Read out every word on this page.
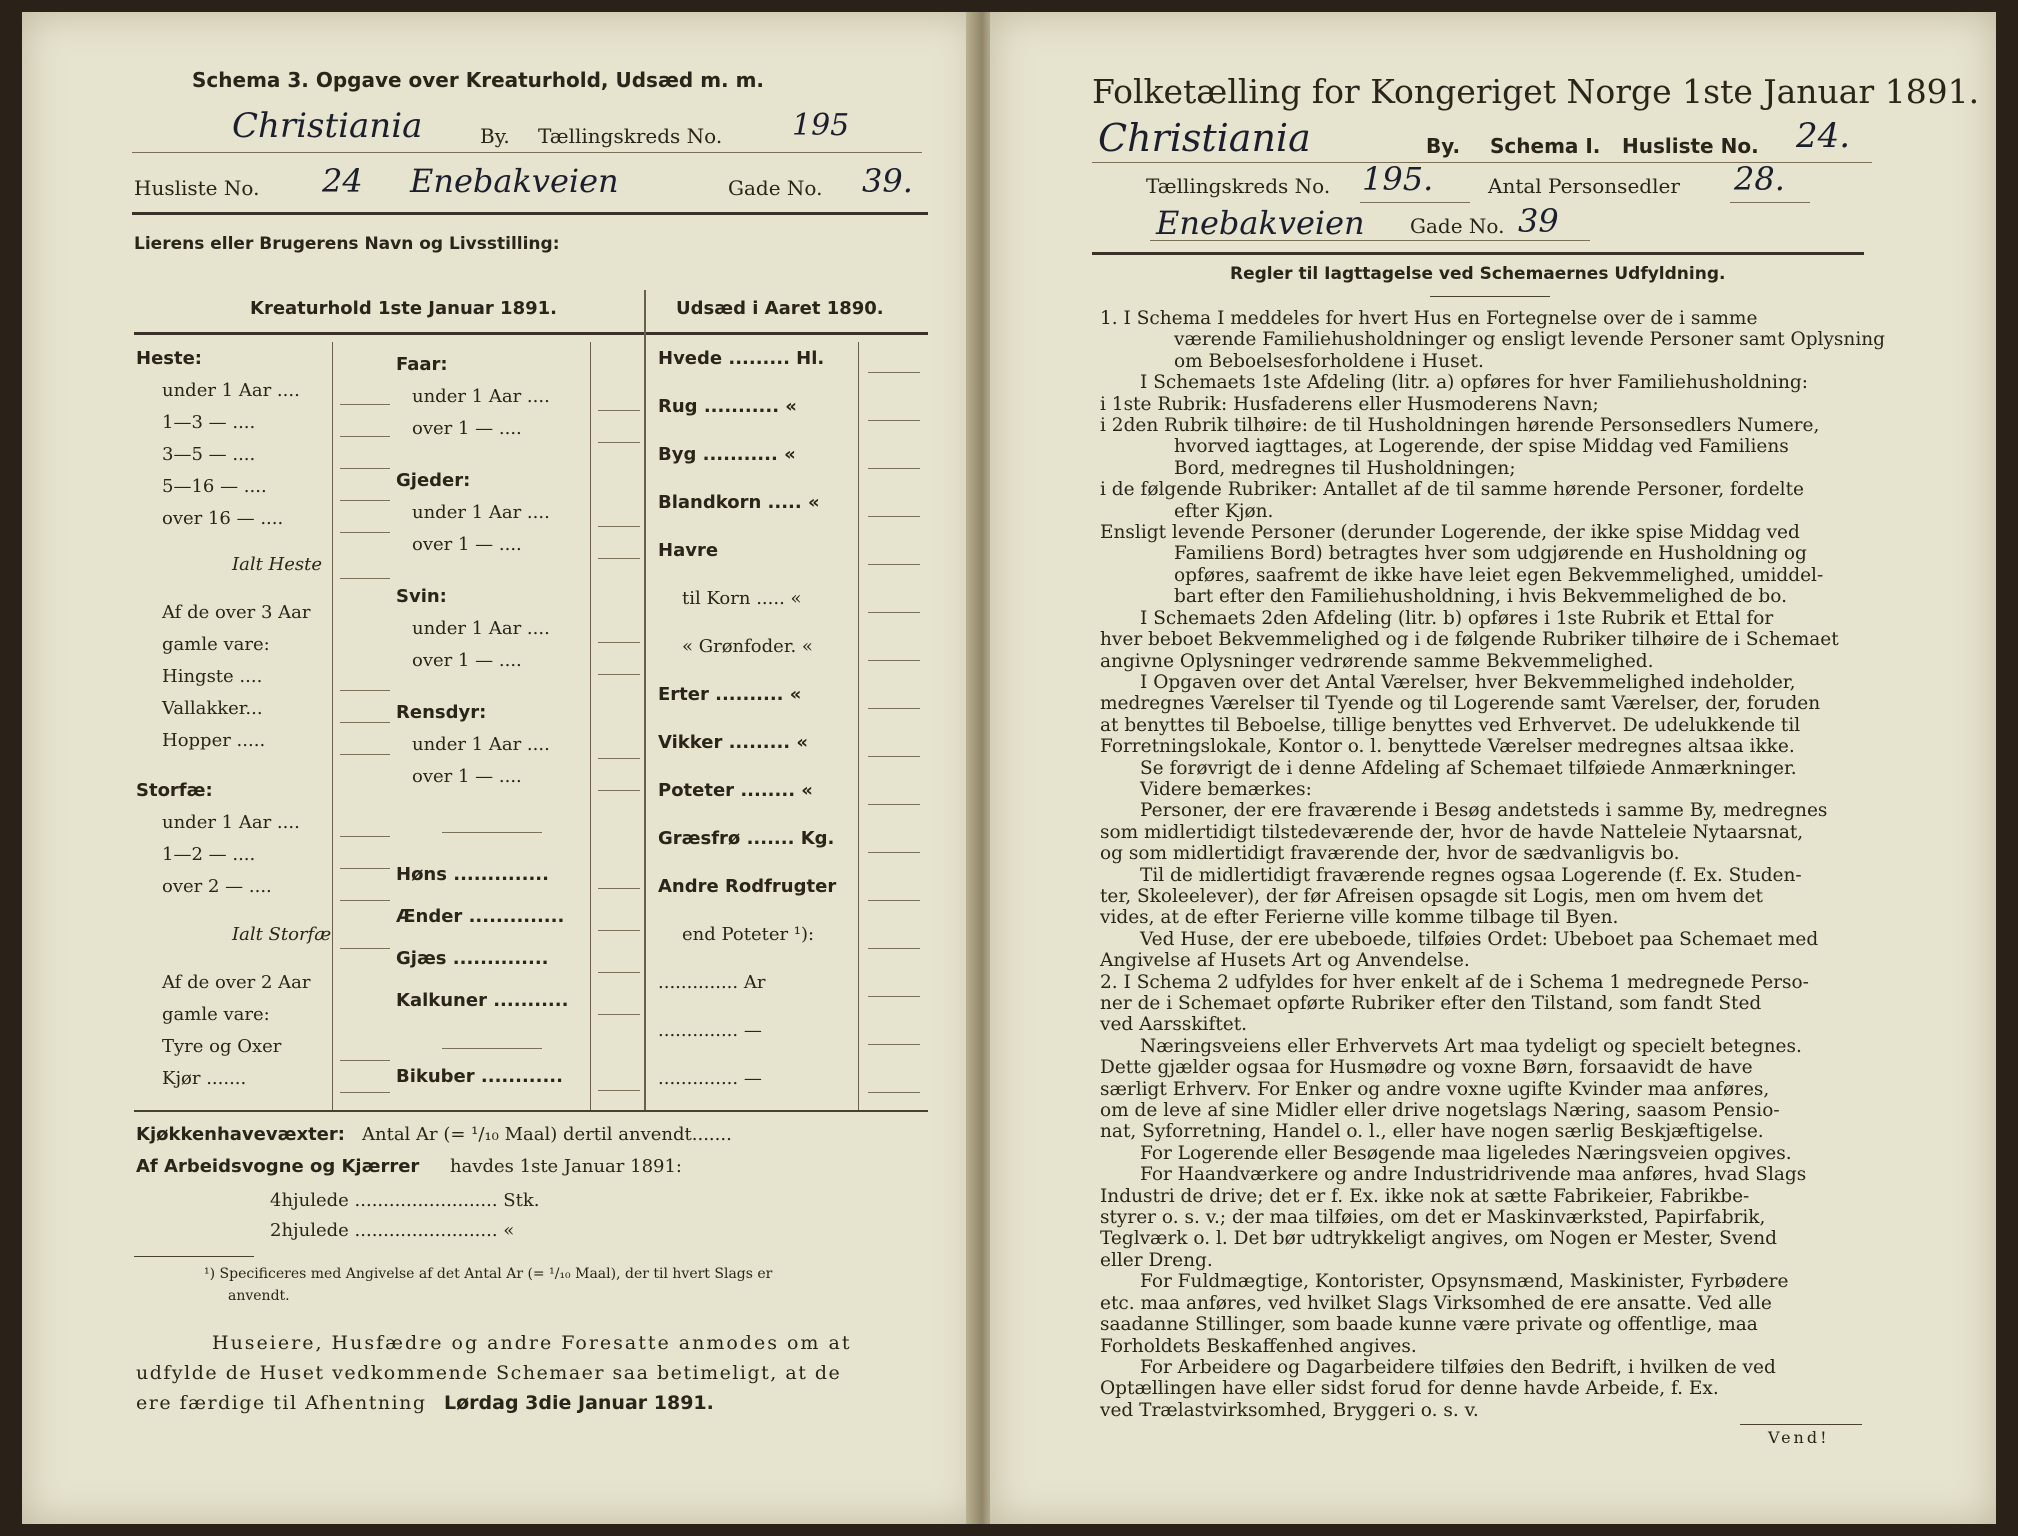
Schema 3. Opgave over Kreaturhold, Udsæd m. m.
Christiania	By. Tællingskreds No. 195
Husliste No. 24 Enebakveien	Gade No. 39.
Lierens eller Brugerens Navn og Livsstilling:
Kreaturhold 1ste Januar 1891.	Udsæd i Aaret 1890.
Heste:
under 1 Aar ....
1—3 — ....
3—5 — ....
5—16 — ....
over 16 — ....
Ialt Heste
Af de over 3 Aar
gamle vare:
Hingste ....
Vallakker...
Hopper .....
Storfæ:
under 1 Aar ....
1—2 — ....
over 2 — ....
Ialt Storfæ
Af de over 2 Aar
gamle vare:
Tyre og Oxer
Kjør .......
Faar:
under 1 Aar ....
over 1 — ....
Gjeder:
under 1 Aar ....
over 1 — ....
Svin:
under 1 Aar ....
over 1 — ....
Rensdyr:
under 1 Aar ....
over 1 — ....
Høns ..............
Ænder ..............
Gjæs ..............
Kalkuner ...........
Bikuber ............
Hvede ......... Hl.
Rug ........... «
Byg ........... «
Blandkorn ..... «
Havre
til Korn ..... «
« Grønfoder. «
Erter .......... «
Vikker ......... «
Poteter ........ «
Græsfrø ....... Kg.
Andre Rodfrugter
end Poteter ¹):
.............. Ar
.............. —
.............. —
Kjøkkenhavevæxter: Antal Ar (= ¹/₁₀ Maal) dertil anvendt.......
Af Arbeidsvogne og Kjærrer havdes 1ste Januar 1891:
4hjulede ......................... Stk.
2hjulede ......................... «
¹) Specificeres med Angivelse af det Antal Ar (= ¹/₁₀ Maal), der til hvert Slags er
anvendt.
Huseiere, Husfædre og andre Foresatte anmodes om at
udfylde de Huset vedkommende Schemaer saa betimeligt, at de
ere færdige til Afhentning Lørdag 3die Januar 1891.
Folketælling for Kongeriget Norge 1ste Januar 1891.
Christiania	By. Schema I. Husliste No. 24.
Tællingskreds No. 195.	Antal Personsedler 28.
Enebakveien Gade No. 39
Regler til Iagttagelse ved Schemaernes Udfyldning.
1. I Schema I meddeles for hvert Hus en Fortegnelse over de i samme
værende Familiehusholdninger og ensligt levende Personer samt Oplysning
om Beboelsesforholdene i Huset.
I Schemaets 1ste Afdeling (litr. a) opføres for hver Familiehusholdning:
i 1ste Rubrik: Husfaderens eller Husmoderens Navn;
i 2den Rubrik tilhøire: de til Husholdningen hørende Personsedlers Numere,
hvorved iagttages, at Logerende, der spise Middag ved Familiens
Bord, medregnes til Husholdningen;
i de følgende Rubriker: Antallet af de til samme hørende Personer, fordelte
efter Kjøn.
Ensligt levende Personer (derunder Logerende, der ikke spise Middag ved
Familiens Bord) betragtes hver som udgjørende en Husholdning og
opføres, saafremt de ikke have leiet egen Bekvemmelighed, umiddel-
bart efter den Familiehusholdning, i hvis Bekvemmelighed de bo.
I Schemaets 2den Afdeling (litr. b) opføres i 1ste Rubrik et Ettal for
hver beboet Bekvemmelighed og i de følgende Rubriker tilhøire de i Schemaet
angivne Oplysninger vedrørende samme Bekvemmelighed.
I Opgaven over det Antal Værelser, hver Bekvemmelighed indeholder,
medregnes Værelser til Tyende og til Logerende samt Værelser, der, foruden
at benyttes til Beboelse, tillige benyttes ved Erhvervet. De udelukkende til
Forretningslokale, Kontor o. l. benyttede Værelser medregnes altsaa ikke.
Se forøvrigt de i denne Afdeling af Schemaet tilføiede Anmærkninger.
Videre bemærkes:
Personer, der ere fraværende i Besøg andetsteds i samme By, medregnes
som midlertidigt tilstedeværende der, hvor de havde Natteleie Nytaarsnat,
og som midlertidigt fraværende der, hvor de sædvanligvis bo.
Til de midlertidigt fraværende regnes ogsaa Logerende (f. Ex. Studen-
ter, Skoleelever), der før Afreisen opsagde sit Logis, men om hvem det
vides, at de efter Ferierne ville komme tilbage til Byen.
Ved Huse, der ere ubeboede, tilføies Ordet: Ubeboet paa Schemaet med
Angivelse af Husets Art og Anvendelse.
2. I Schema 2 udfyldes for hver enkelt af de i Schema 1 medregnede Perso-
ner de i Schemaet opførte Rubriker efter den Tilstand, som fandt Sted
ved Aarsskiftet.
Næringsveiens eller Erhvervets Art maa tydeligt og specielt betegnes.
Dette gjælder ogsaa for Husmødre og voxne Børn, forsaavidt de have
særligt Erhverv. For Enker og andre voxne ugifte Kvinder maa anføres,
om de leve af sine Midler eller drive nogetslags Næring, saasom Pensio-
nat, Syforretning, Handel o. l., eller have nogen særlig Beskjæftigelse.
For Logerende eller Besøgende maa ligeledes Næringsveien opgives.
For Haandværkere og andre Industridrivende maa anføres, hvad Slags
Industri de drive; det er f. Ex. ikke nok at sætte Fabrikeier, Fabrikbe-
styrer o. s. v.; der maa tilføies, om det er Maskinværksted, Papirfabrik,
Teglværk o. l. Det bør udtrykkeligt angives, om Nogen er Mester, Svend
eller Dreng.
For Fuldmægtige, Kontorister, Opsynsmænd, Maskinister, Fyrbødere
etc. maa anføres, ved hvilket Slags Virksomhed de ere ansatte. Ved alle
saadanne Stillinger, som baade kunne være private og offentlige, maa
Forholdets Beskaffenhed angives.
For Arbeidere og Dagarbeidere tilføies den Bedrift, i hvilken de ved
Optællingen have eller sidst forud for denne havde Arbeide, f. Ex.
ved Trælastvirksomhed, Bryggeri o. s. v.
Vend!
